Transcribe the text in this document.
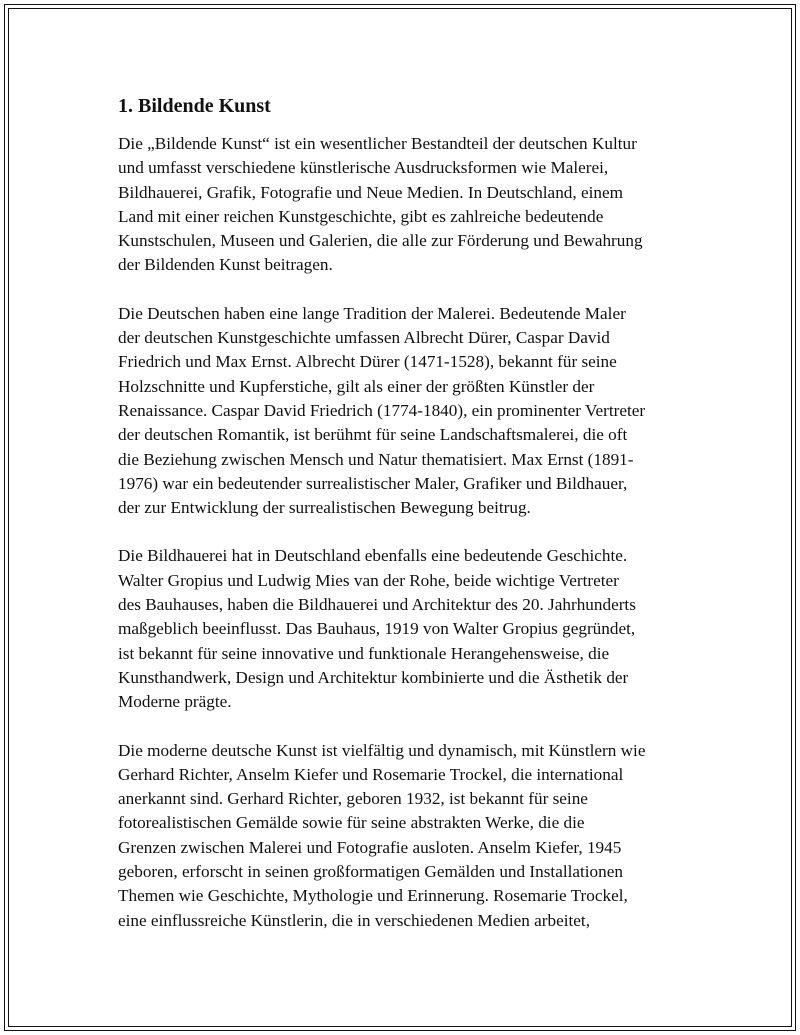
1. Bildende Kunst

Die „Bildende Kunst“ ist ein wesentlicher Bestandteil der deutschen Kultur
und umfasst verschiedene künstlerische Ausdrucksformen wie Malerei,
Bildhauerei, Grafik, Fotografie und Neue Medien. In Deutschland, einem
Land mit einer reichen Kunstgeschichte, gibt es zahlreiche bedeutende
Kunstschulen, Museen und Galerien, die alle zur Förderung und Bewahrung
der Bildenden Kunst beitragen.

Die Deutschen haben eine lange Tradition der Malerei. Bedeutende Maler
der deutschen Kunstgeschichte umfassen Albrecht Dürer, Caspar David
Friedrich und Max Ernst. Albrecht Dürer (1471-1528), bekannt für seine
Holzschnitte und Kupferstiche, gilt als einer der größten Künstler der
Renaissance. Caspar David Friedrich (1774-1840), ein prominenter Vertreter
der deutschen Romantik, ist berühmt für seine Landschaftsmalerei, die oft
die Beziehung zwischen Mensch und Natur thematisiert. Max Ernst (1891-
1976) war ein bedeutender surrealistischer Maler, Grafiker und Bildhauer,
der zur Entwicklung der surrealistischen Bewegung beitrug.

Die Bildhauerei hat in Deutschland ebenfalls eine bedeutende Geschichte.
Walter Gropius und Ludwig Mies van der Rohe, beide wichtige Vertreter
des Bauhauses, haben die Bildhauerei und Architektur des 20. Jahrhunderts
maßgeblich beeinflusst. Das Bauhaus, 1919 von Walter Gropius gegründet,
ist bekannt für seine innovative und funktionale Herangehensweise, die
Kunsthandwerk, Design und Architektur kombinierte und die Ästhetik der
Moderne prägte.

Die moderne deutsche Kunst ist vielfältig und dynamisch, mit Künstlern wie
Gerhard Richter, Anselm Kiefer und Rosemarie Trockel, die international
anerkannt sind. Gerhard Richter, geboren 1932, ist bekannt für seine
fotorealistischen Gemälde sowie für seine abstrakten Werke, die die
Grenzen zwischen Malerei und Fotografie ausloten. Anselm Kiefer, 1945
geboren, erforscht in seinen großformatigen Gemälden und Installationen
Themen wie Geschichte, Mythologie und Erinnerung. Rosemarie Trockel,
eine einflussreiche Künstlerin, die in verschiedenen Medien arbeitet,
